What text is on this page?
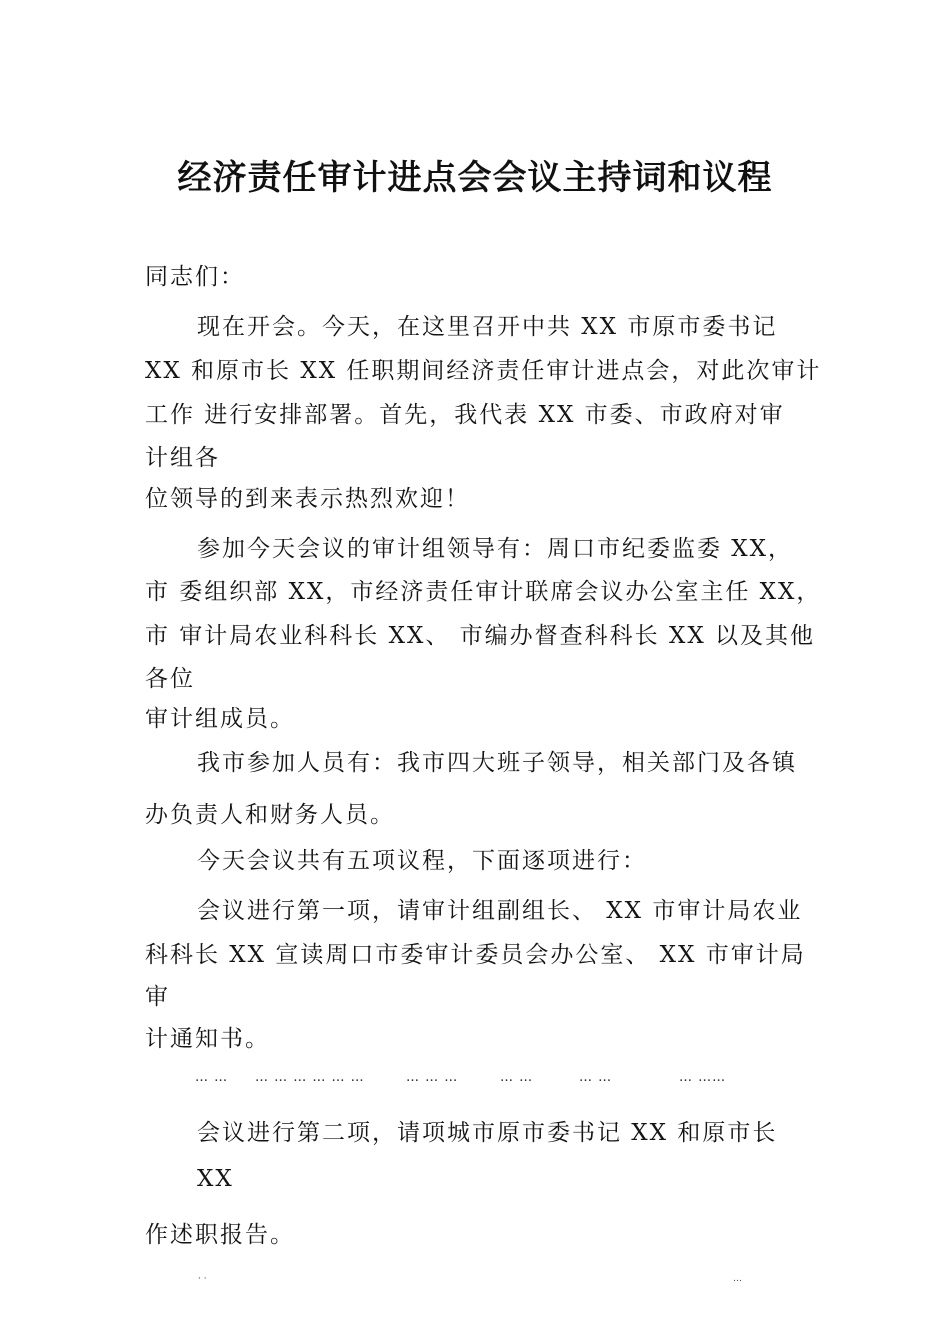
经济责任审计进点会会议主持词和议程
同志们：
现在开会。今天，在这里召开中共 XX 市原市委书记
XX 和原市长 XX 任职期间经济责任审计进点会，对此次审计
工作 进行安排部署。首先，我代表 XX 市委、市政府对审
计组各
位领导的到来表示热烈欢迎！
参加今天会议的审计组领导有：周口市纪委监委 XX，
市 委组织部 XX，市经济责任审计联席会议办公室主任 XX，
市 审计局农业科科长 XX、 市编办督查科科长 XX 以及其他
各位
审计组成员。
我市参加人员有：我市四大班子领导，相关部门及各镇
办负责人和财务人员。
今天会议共有五项议程，下面逐项进行：
会议进行第一项，请审计组副组长、 XX 市审计局农业
科科长 XX 宣读周口市委审计委员会办公室、 XX 市审计局
审
计通知书。
… … … … … … … …	… … …	… …	… …	… ……
会议进行第二项，请项城市原市委书记 XX 和原市长
XX
作述职报告。
· ·	…
